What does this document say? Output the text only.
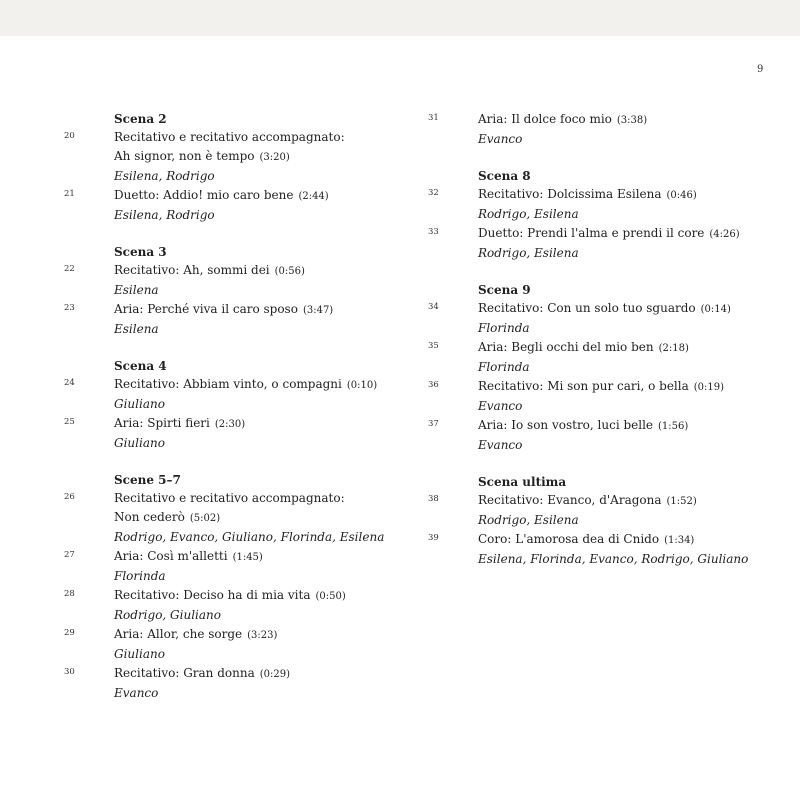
9
Scena 2
20	Recitativo e recitativo accompagnato:
Ah signor, non è tempo (3:20)
Esilena, Rodrigo
21	Duetto: Addio! mio caro bene (2:44)
Esilena, Rodrigo
Scena 3
22	Recitativo: Ah, sommi dei (0:56)
Esilena
23	Aria: Perché viva il caro sposo (3:47)
Esilena
Scena 4
24	Recitativo: Abbiam vinto, o compagni (0:10)
Giuliano
25	Aria: Spirti fieri (2:30)
Giuliano
Scene 5–7
26	Recitativo e recitativo accompagnato:
Non cederò (5:02)
Rodrigo, Evanco, Giuliano, Florinda, Esilena
27	Aria: Così m'alletti (1:45)
Florinda
28	Recitativo: Deciso ha di mia vita (0:50)
Rodrigo, Giuliano
29	Aria: Allor, che sorge (3:23)
Giuliano
30	Recitativo: Gran donna (0:29)
Evanco
31	Aria: Il dolce foco mio (3:38)
Evanco
Scena 8
32	Recitativo: Dolcissima Esilena (0:46)
Rodrigo, Esilena
33	Duetto: Prendi l'alma e prendi il core (4:26)
Rodrigo, Esilena
Scena 9
34	Recitativo: Con un solo tuo sguardo (0:14)
Florinda
35	Aria: Begli occhi del mio ben (2:18)
Florinda
36	Recitativo: Mi son pur cari, o bella (0:19)
Evanco
37	Aria: Io son vostro, luci belle (1:56)
Evanco
Scena ultima
38	Recitativo: Evanco, d'Aragona (1:52)
Rodrigo, Esilena
39	Coro: L'amorosa dea di Cnido (1:34)
Esilena, Florinda, Evanco, Rodrigo, Giuliano
